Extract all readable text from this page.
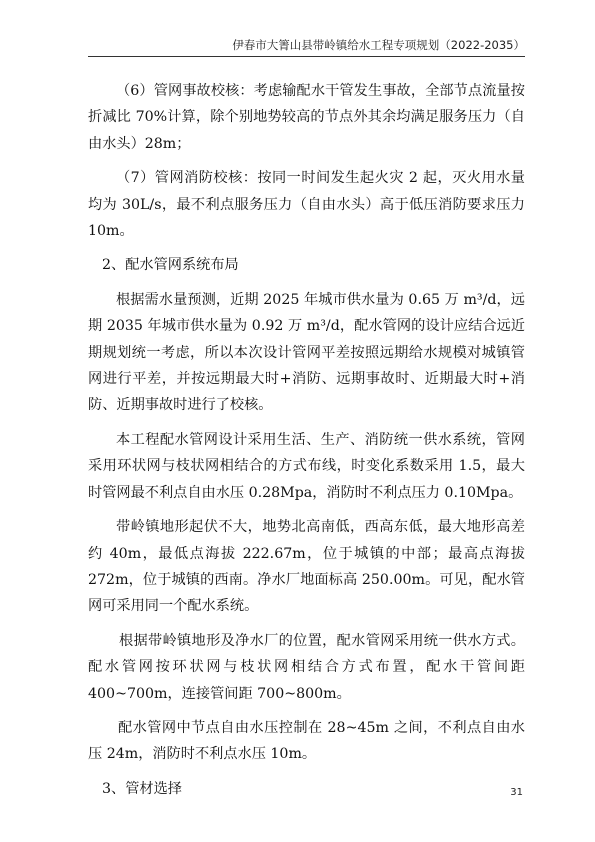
伊春市大箐山县带岭镇给水工程专项规划（2022-2035）

（6）管网事故校核：考虑输配水干管发生事故，全部节点流量按折减比 70%计算，除个别地势较高的节点外其余均满足服务压力（自由水头）28m；

（7）管网消防校核：按同一时间发生起火灾 2 起，灭火用水量均为 30L/s，最不利点服务压力（自由水头）高于低压消防要求压力 10m。

2、配水管网系统布局

根据需水量预测，近期 2025 年城市供水量为 0.65 万 m³/d，远期 2035 年城市供水量为 0.92 万 m³/d，配水管网的设计应结合远近期规划统一考虑，所以本次设计管网平差按照远期给水规模对城镇管网进行平差，并按远期最大时+消防、远期事故时、近期最大时+消防、近期事故时进行了校核。

本工程配水管网设计采用生活、生产、消防统一供水系统，管网采用环状网与枝状网相结合的方式布线，时变化系数采用 1.5，最大时管网最不利点自由水压 0.28Mpa，消防时不利点压力 0.10Mpa。

带岭镇地形起伏不大，地势北高南低，西高东低，最大地形高差约 40m，最低点海拔 222.67m，位于城镇的中部；最高点海拔 272m，位于城镇的西南。净水厂地面标高 250.00m。可见，配水管网可采用同一个配水系统。

根据带岭镇地形及净水厂的位置，配水管网采用统一供水方式。配水管网按环状网与枝状网相结合方式布置，配水干管间距 400~700m，连接管间距 700~800m。

配水管网中节点自由水压控制在 28~45m 之间，不利点自由水压 24m，消防时不利点水压 10m。

3、管材选择	31
